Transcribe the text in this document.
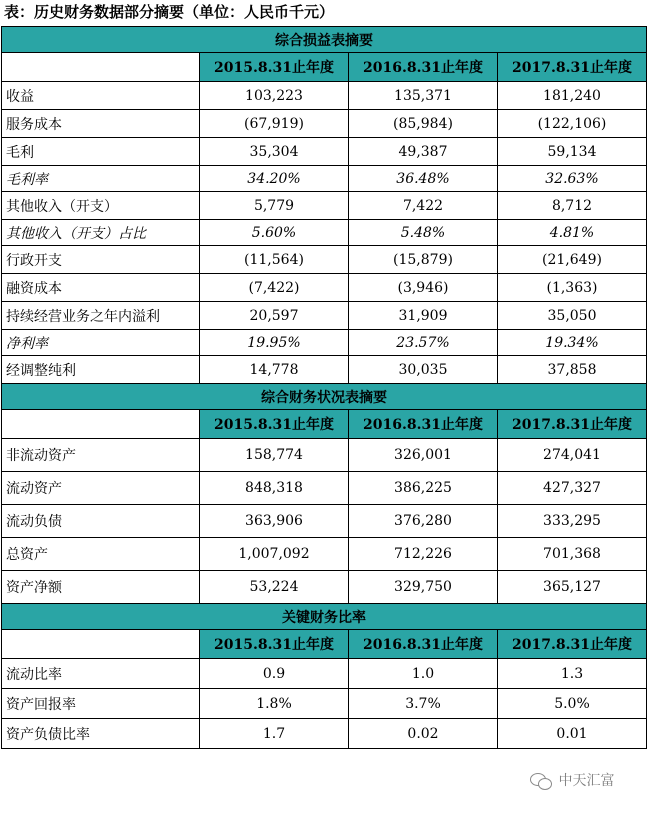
表：历史财务数据部分摘要（单位：人民币千元）
综合损益表摘要			
	2015.8.31止年度	2016.8.31止年度	2017.8.31止年度
收益	103,223	135,371	181,240
服务成本	(67,919)	(85,984)	(122,106)
毛利	35,304	49,387	59,134
毛利率	34.20%	36.48%	32.63%
其他收入（开支）	5,779	7,422	8,712
其他收入（开支）占比	5.60%	5.48%	4.81%
行政开支	(11,564)	(15,879)	(21,649)
融资成本	(7,422)	(3,946)	(1,363)
持续经营业务之年内溢利	20,597	31,909	35,050
净利率	19.95%	23.57%	19.34%
经调整纯利	14,778	30,035	37,858
综合财务状况表摘要			
	2015.8.31止年度	2016.8.31止年度	2017.8.31止年度
非流动资产	158,774	326,001	274,041
流动资产	848,318	386,225	427,327
流动负债	363,906	376,280	333,295
总资产	1,007,092	712,226	701,368
资产净额	53,224	329,750	365,127
关键财务比率			
	2015.8.31止年度	2016.8.31止年度	2017.8.31止年度
流动比率	0.9	1.0	1.3
资产回报率	1.8%	3.7%	5.0%
资产负债比率	1.7	0.02	0.01
中天汇富
